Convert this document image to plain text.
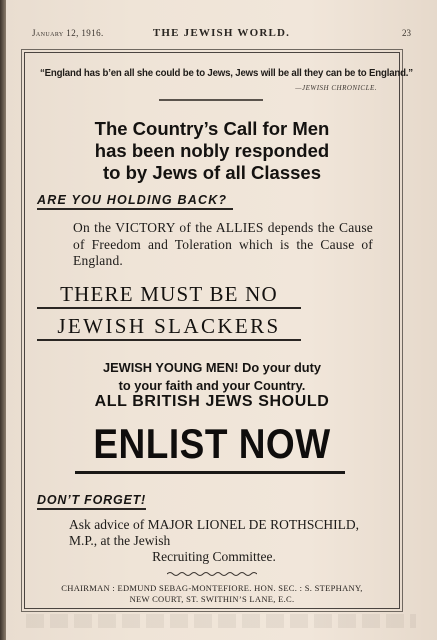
January 12, 1916.	THE JEWISH WORLD.	23
“England has b’en all she could be to Jews, Jews will be all they can be to England.”
—JEWISH CHRONICLE.
The Country’s Call for Men
has been nobly responded
to by Jews of all Classes
ARE YOU HOLDING BACK?
On the VICTORY of the ALLIES depends the Cause of Freedom and Toleration which is the Cause of England.
THERE MUST BE NO
JEWISH SLACKERS
JEWISH YOUNG MEN! Do your duty
to your faith and your Country.
ALL BRITISH JEWS SHOULD
ENLIST NOW
DON’T FORGET!
Ask advice of MAJOR LIONEL DE ROTHSCHILD, M.P., at the Jewish
Recruiting Committee.
CHAIRMAN : EDMUND SEBAG-MONTEFIORE. HON. SEC. : S. STEPHANY,
NEW COURT, ST. SWITHIN’S LANE, E.C.
